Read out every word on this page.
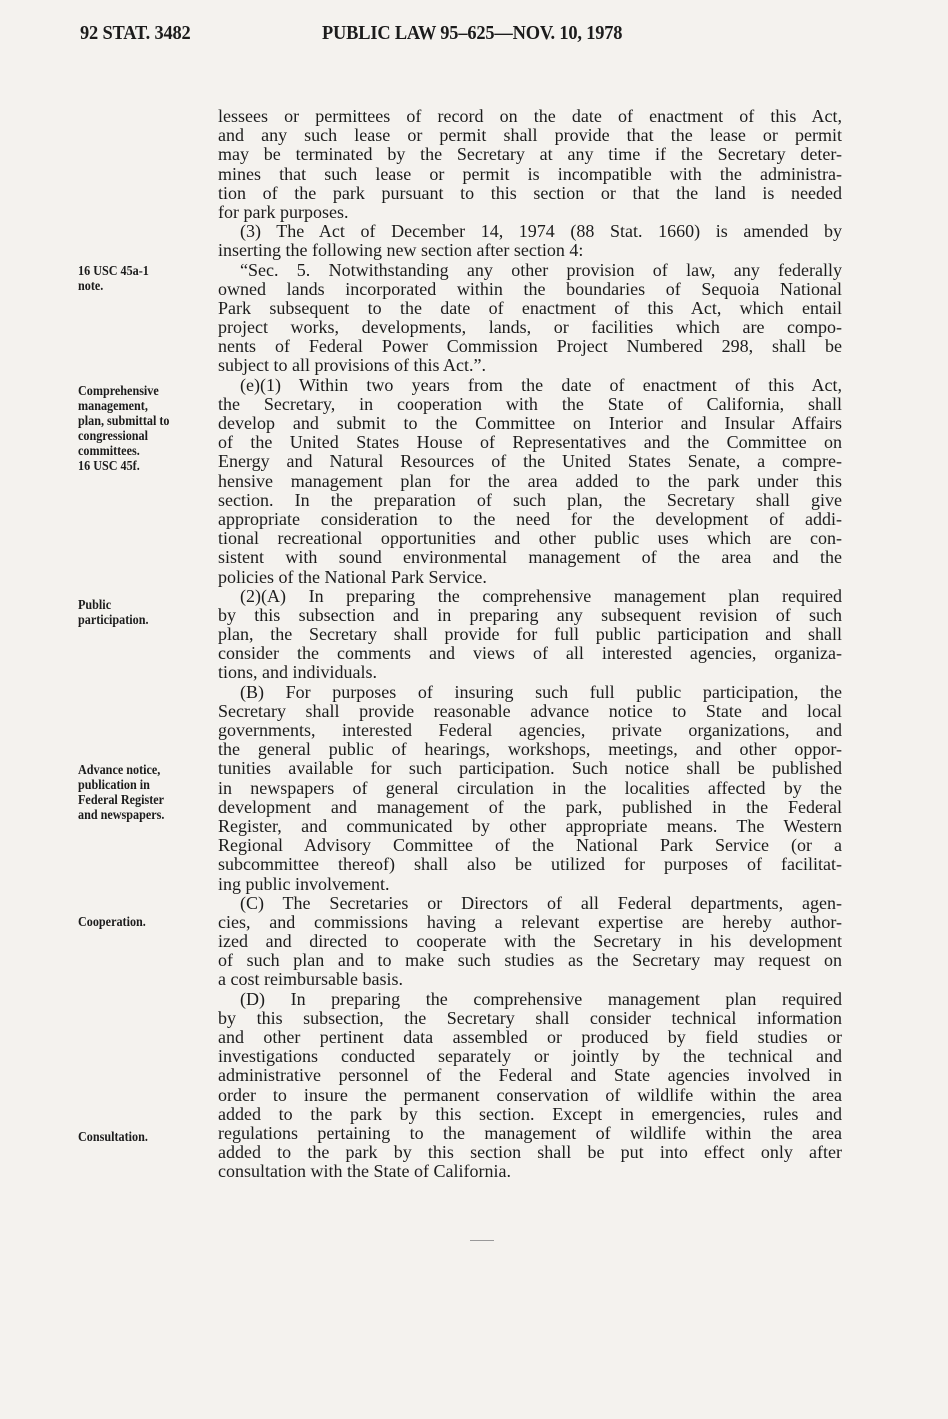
92 STAT. 3482	PUBLIC LAW 95–625—NOV. 10, 1978
lessees or permittees of record on the date of enactment of this Act,
and any such lease or permit shall provide that the lease or permit
may be terminated by the Secretary at any time if the Secretary deter-
mines that such lease or permit is incompatible with the administra-
tion of the park pursuant to this section or that the land is needed
for park purposes.
(3) The Act of December 14, 1974 (88 Stat. 1660) is amended by
inserting the following new section after section 4:
“Sec. 5. Notwithstanding any other provision of law, any federally
owned lands incorporated within the boundaries of Sequoia National
Park subsequent to the date of enactment of this Act, which entail
project works, developments, lands, or facilities which are compo-
nents of Federal Power Commission Project Numbered 298, shall be
subject to all provisions of this Act.”.
(e)(1) Within two years from the date of enactment of this Act,
the Secretary, in cooperation with the State of California, shall
develop and submit to the Committee on Interior and Insular Affairs
of the United States House of Representatives and the Committee on
Energy and Natural Resources of the United States Senate, a compre-
hensive management plan for the area added to the park under this
section. In the preparation of such plan, the Secretary shall give
appropriate consideration to the need for the development of addi-
tional recreational opportunities and other public uses which are con-
sistent with sound environmental management of the area and the
policies of the National Park Service.
(2)(A) In preparing the comprehensive management plan required
by this subsection and in preparing any subsequent revision of such
plan, the Secretary shall provide for full public participation and shall
consider the comments and views of all interested agencies, organiza-
tions, and individuals.
(B) For purposes of insuring such full public participation, the
Secretary shall provide reasonable advance notice to State and local
governments, interested Federal agencies, private organizations, and
the general public of hearings, workshops, meetings, and other oppor-
tunities available for such participation. Such notice shall be published
in newspapers of general circulation in the localities affected by the
development and management of the park, published in the Federal
Register, and communicated by other appropriate means. The Western
Regional Advisory Committee of the National Park Service (or a
subcommittee thereof) shall also be utilized for purposes of facilitat-
ing public involvement.
(C) The Secretaries or Directors of all Federal departments, agen-
cies, and commissions having a relevant expertise are hereby author-
ized and directed to cooperate with the Secretary in his development
of such plan and to make such studies as the Secretary may request on
a cost reimbursable basis.
(D) In preparing the comprehensive management plan required
by this subsection, the Secretary shall consider technical information
and other pertinent data assembled or produced by field studies or
investigations conducted separately or jointly by the technical and
administrative personnel of the Federal and State agencies involved in
order to insure the permanent conservation of wildlife within the area
added to the park by this section. Except in emergencies, rules and
regulations pertaining to the management of wildlife within the area
added to the park by this section shall be put into effect only after
consultation with the State of California.
16 USC 45a-1
note.
Comprehensive
management,
plan, submittal to
congressional
committees.
16 USC 45f.
Public
participation.
Advance notice,
publication in
Federal Register
and newspapers.
Cooperation.
Consultation.
